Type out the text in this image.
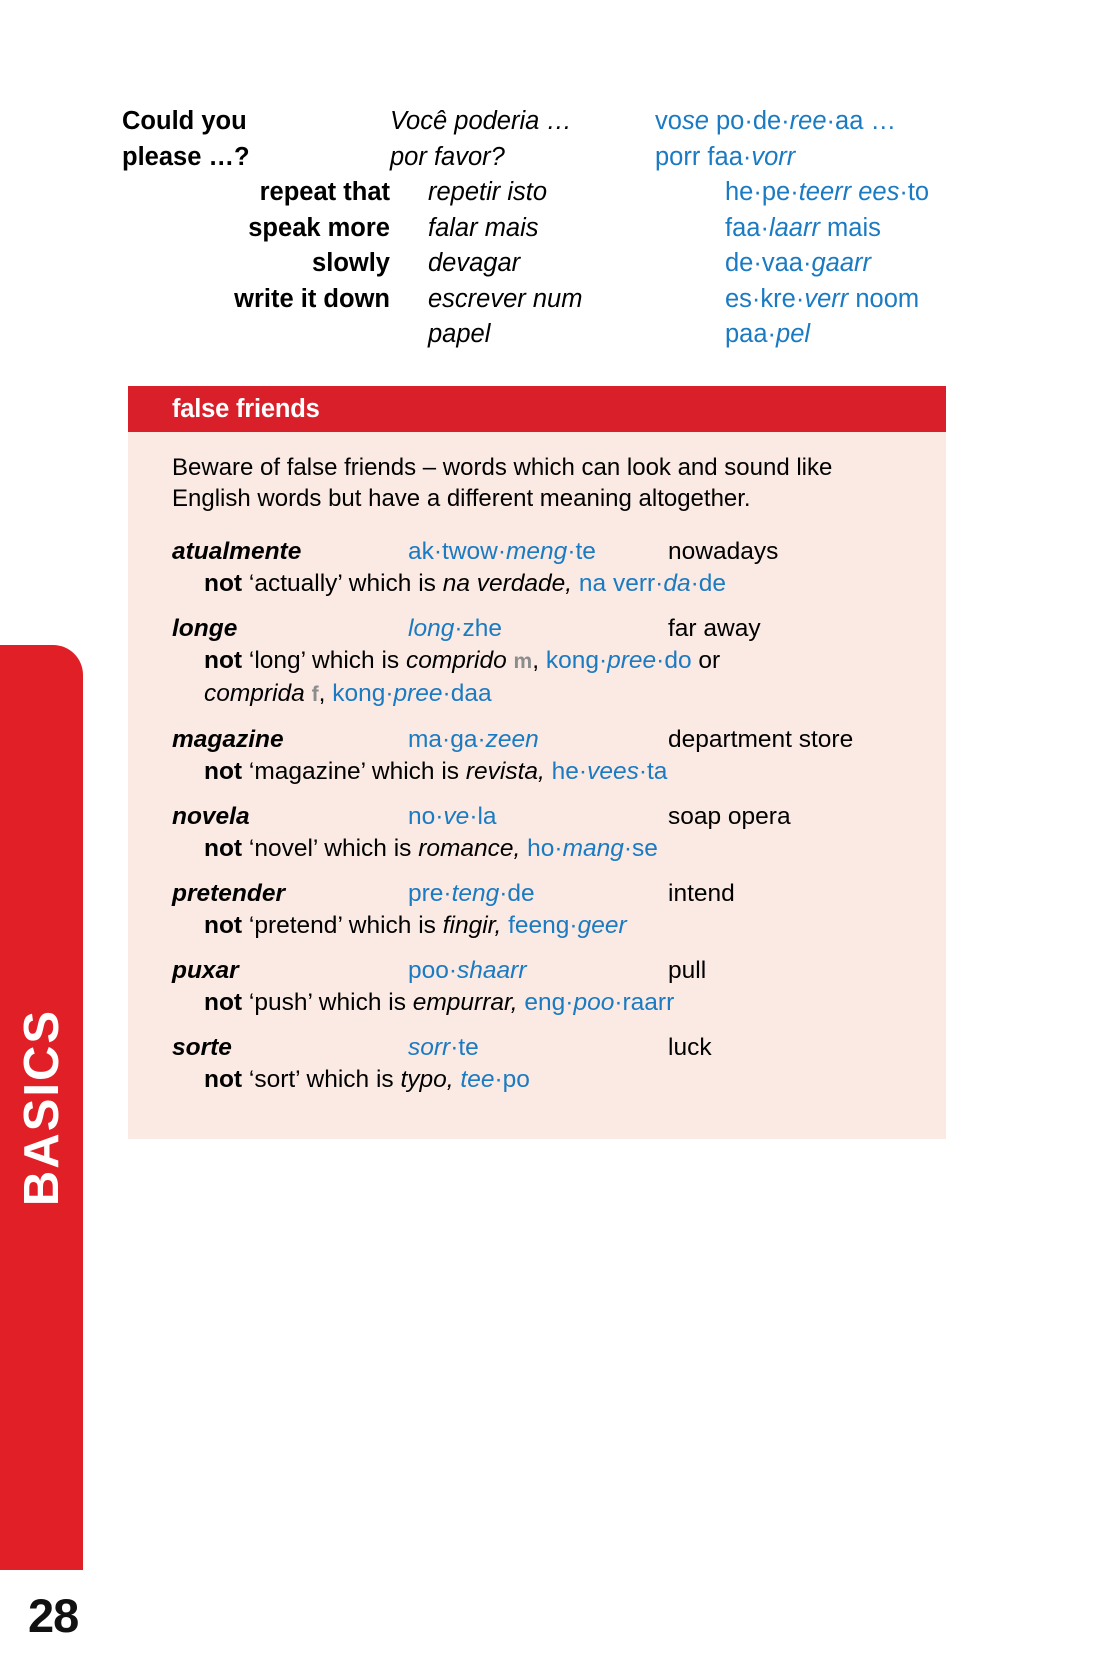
BASICS
28
Could you	Você poderia …	vose po·de·ree·aa …
please …?	por favor?	porr faa·vorr
repeat that	repetir isto	he·pe·teerr ees·to
speak more	falar mais	faa·laarr mais
slowly	devagar	de·vaa·gaarr
write it down	escrever num	es·kre·verr noom
papel	paa·pel
false friends
Beware of false friends – words which can look and sound like English words but have a different meaning altogether.
atualmente	ak·twow·meng·te	nowadays
not ‘actually’ which is na verdade, na verr·da·de
longe	long·zhe	far away
not ‘long’ which is comprido m, kong·pree·do or
comprida f, kong·pree·daa
magazine	ma·ga·zeen	department store
not ‘magazine’ which is revista, he·vees·ta
novela	no·ve·la	soap opera
not ‘novel’ which is romance, ho·mang·se
pretender	pre·teng·de	intend
not ‘pretend’ which is fingir, feeng·geer
puxar	poo·shaarr	pull
not ‘push’ which is empurrar, eng·poo·raarr
sorte	sorr·te	luck
not ‘sort’ which is typo, tee·po
